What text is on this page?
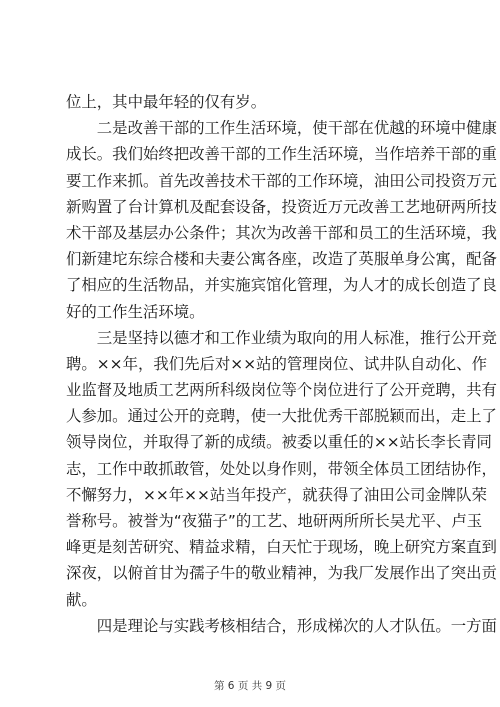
位上，其中最年轻的仅有岁。
　　二是改善干部的工作生活环境，使干部在优越的环境中健康
成长。我们始终把改善干部的工作生活环境，当作培养干部的重
要工作来抓。首先改善技术干部的工作环境，油田公司投资万元
新购置了台计算机及配套设备，投资近万元改善工艺地研两所技
术干部及基层办公条件；其次为改善干部和员工的生活环境，我
们新建坨东综合楼和夫妻公寓各座，改造了英服单身公寓，配备
了相应的生活物品，并实施宾馆化管理，为人才的成长创造了良
好的工作生活环境。
　　三是坚持以德才和工作业绩为取向的用人标准，推行公开竞
聘。××年，我们先后对××站的管理岗位、试井队自动化、作
业监督及地质工艺两所科级岗位等个岗位进行了公开竞聘，共有
人参加。通过公开的竞聘，使一大批优秀干部脱颖而出，走上了
领导岗位，并取得了新的成绩。被委以重任的××站长李长青同
志，工作中敢抓敢管，处处以身作则，带领全体员工团结协作，
不懈努力，××年××站当年投产，就获得了油田公司金牌队荣
誉称号。被誉为“夜猫子”的工艺、地研两所所长吴尤平、卢玉
峰更是刻苦研究、精益求精，白天忙于现场，晚上研究方案直到
深夜，以俯首甘为孺子牛的敬业精神，为我厂发展作出了突出贡
献。
　　四是理论与实践考核相结合，形成梯次的人才队伍。一方面
第 6 页 共 9 页
